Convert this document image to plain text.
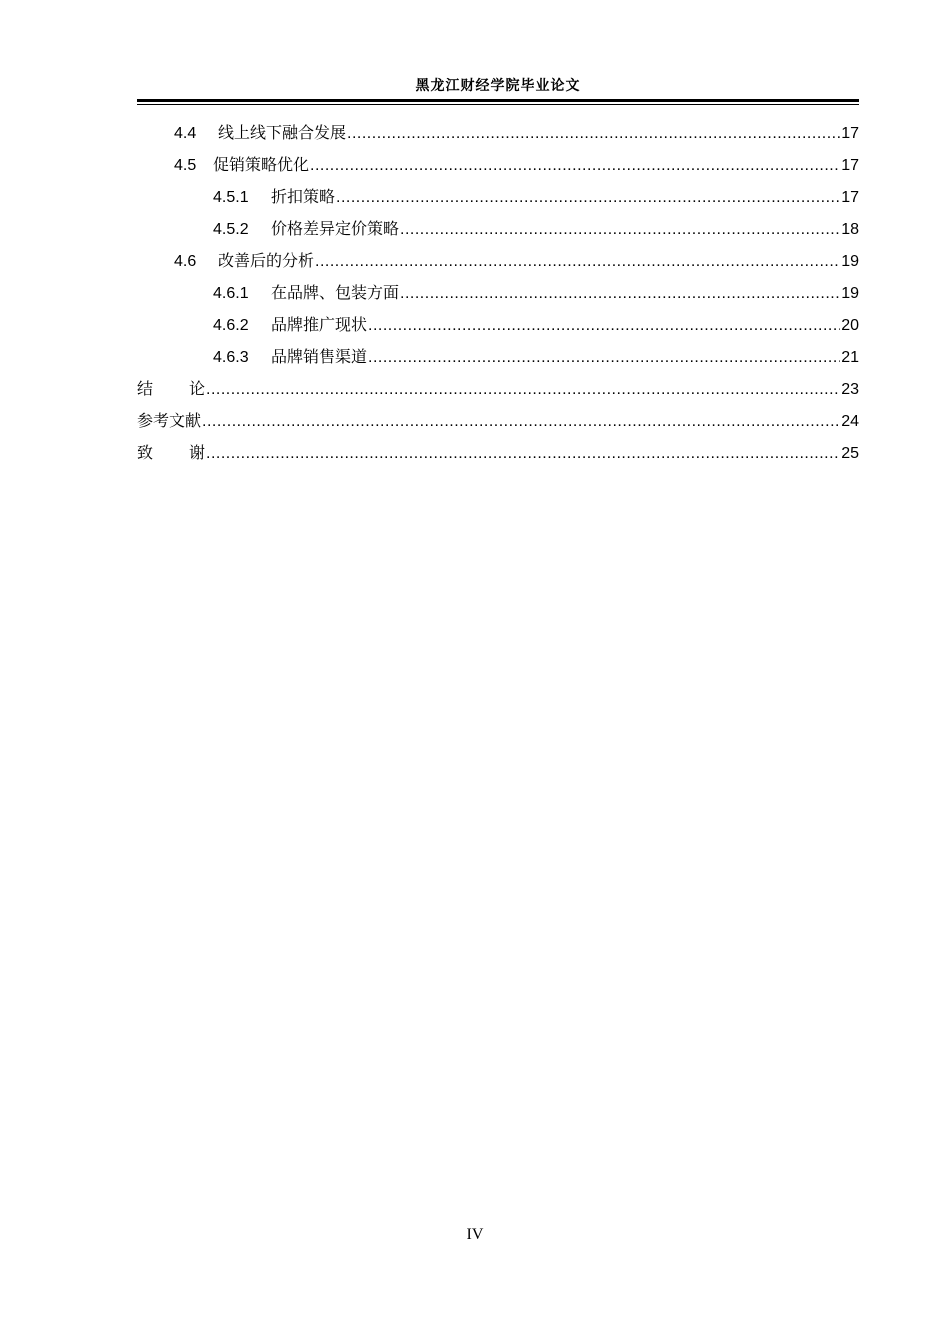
黑龙江财经学院毕业论文
4.4	线上线下融合发展 .....	17
4.5	促销策略优化 .....	17
4.5.1	折扣策略 .....	17
4.5.2	价格差异定价策略 .....	18
4.6	改善后的分析 .....	19
4.6.1	在品牌、包装方面 .....	19
4.6.2	品牌推广现状 .....	20
4.6.3	品牌销售渠道 .....	21
结论 .....	23
参考文献 .....	24
致谢 .....	25
IV
